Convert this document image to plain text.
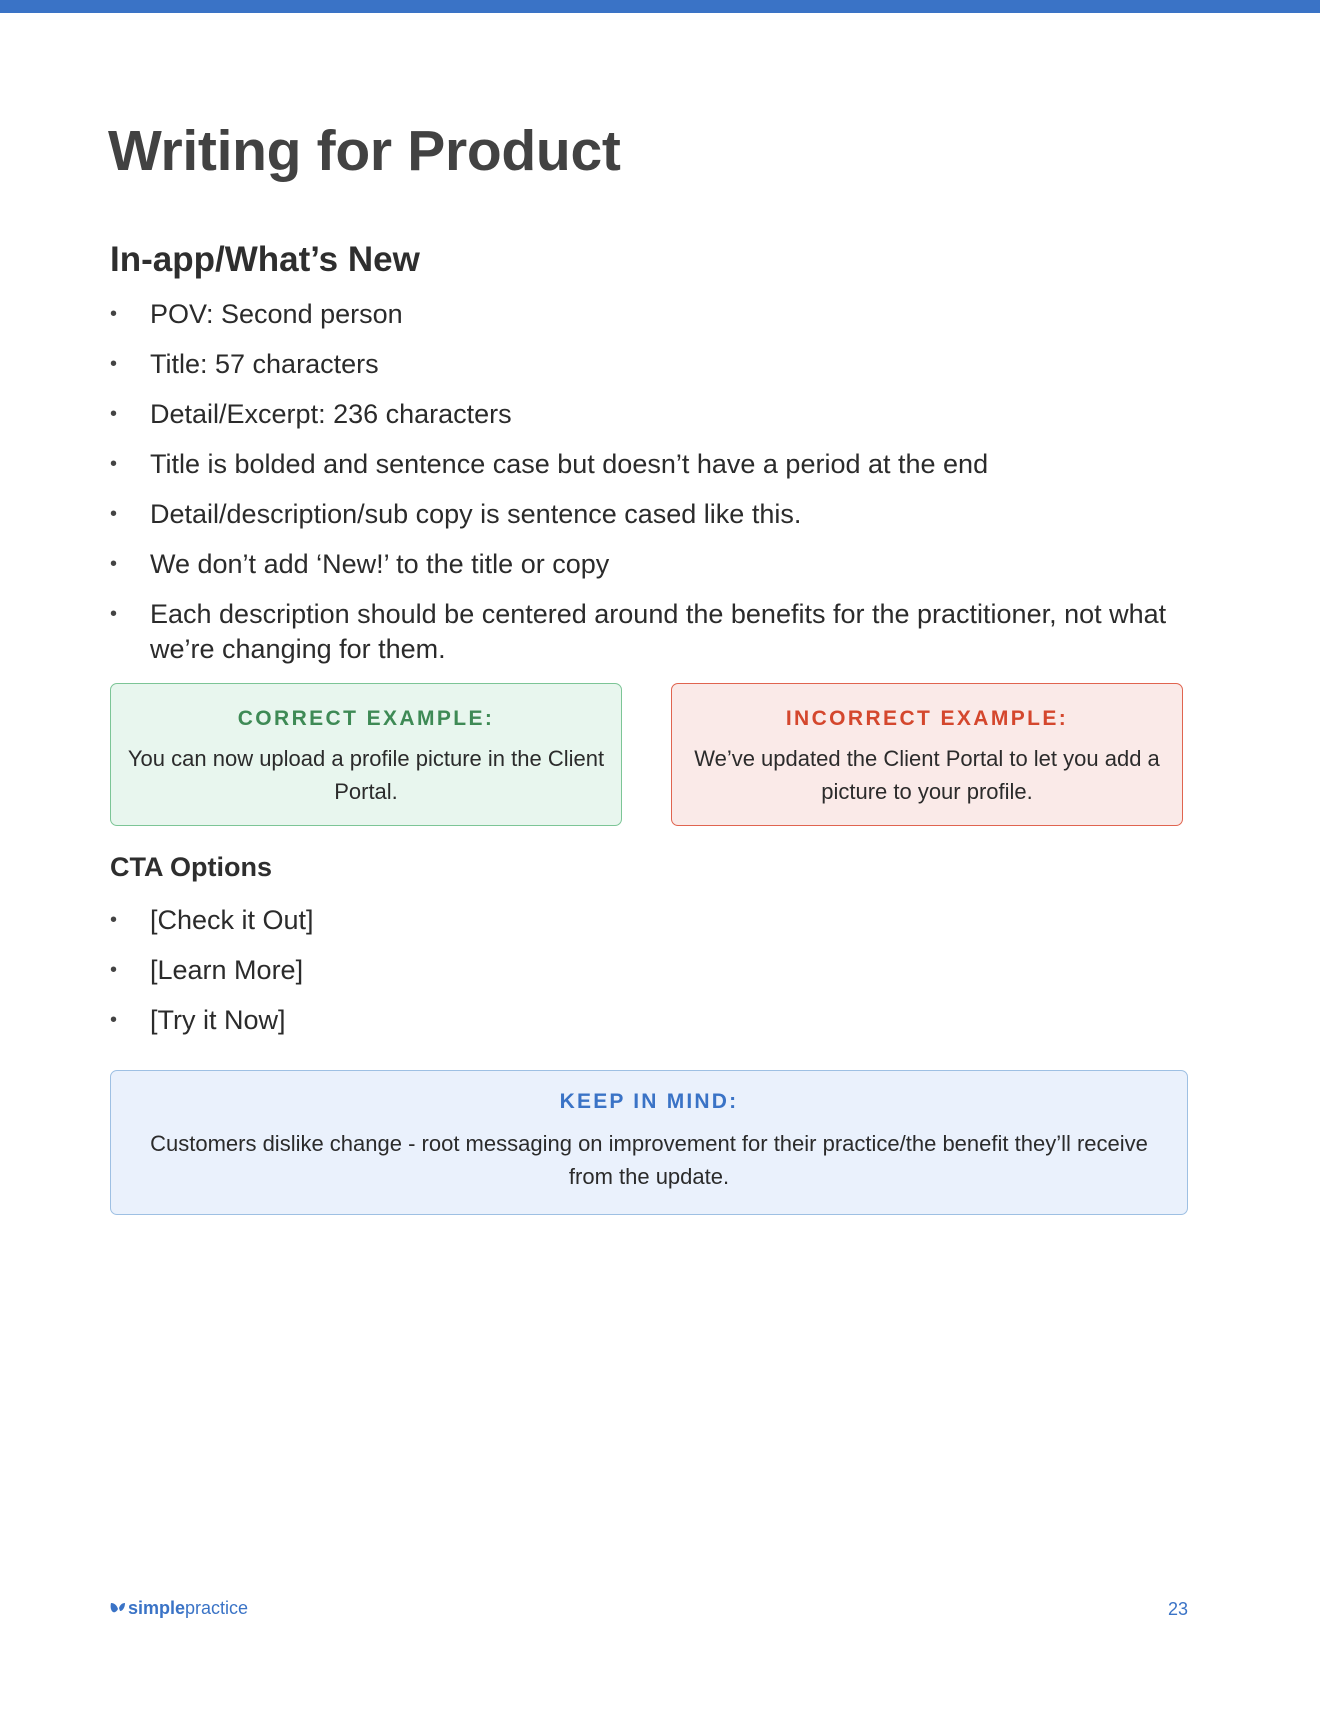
Writing for Product
In-app/What’s New
• POV: Second person
• Title: 57 characters
• Detail/Excerpt: 236 characters
• Title is bolded and sentence case but doesn’t have a period at the end
• Detail/description/sub copy is sentence cased like this.
• We don’t add ‘New!’ to the title or copy
• Each description should be centered around the benefits for the practitioner, not what we’re changing for them.
CORRECT EXAMPLE:
You can now upload a profile picture in the Client Portal.
INCORRECT EXAMPLE:
We’ve updated the Client Portal to let you add a picture to your profile.
CTA Options
• [Check it Out]
• [Learn More]
• [Try it Now]
KEEP IN MIND:
Customers dislike change - root messaging on improvement for their practice/the benefit they’ll receive from the update.
simple practice	23
